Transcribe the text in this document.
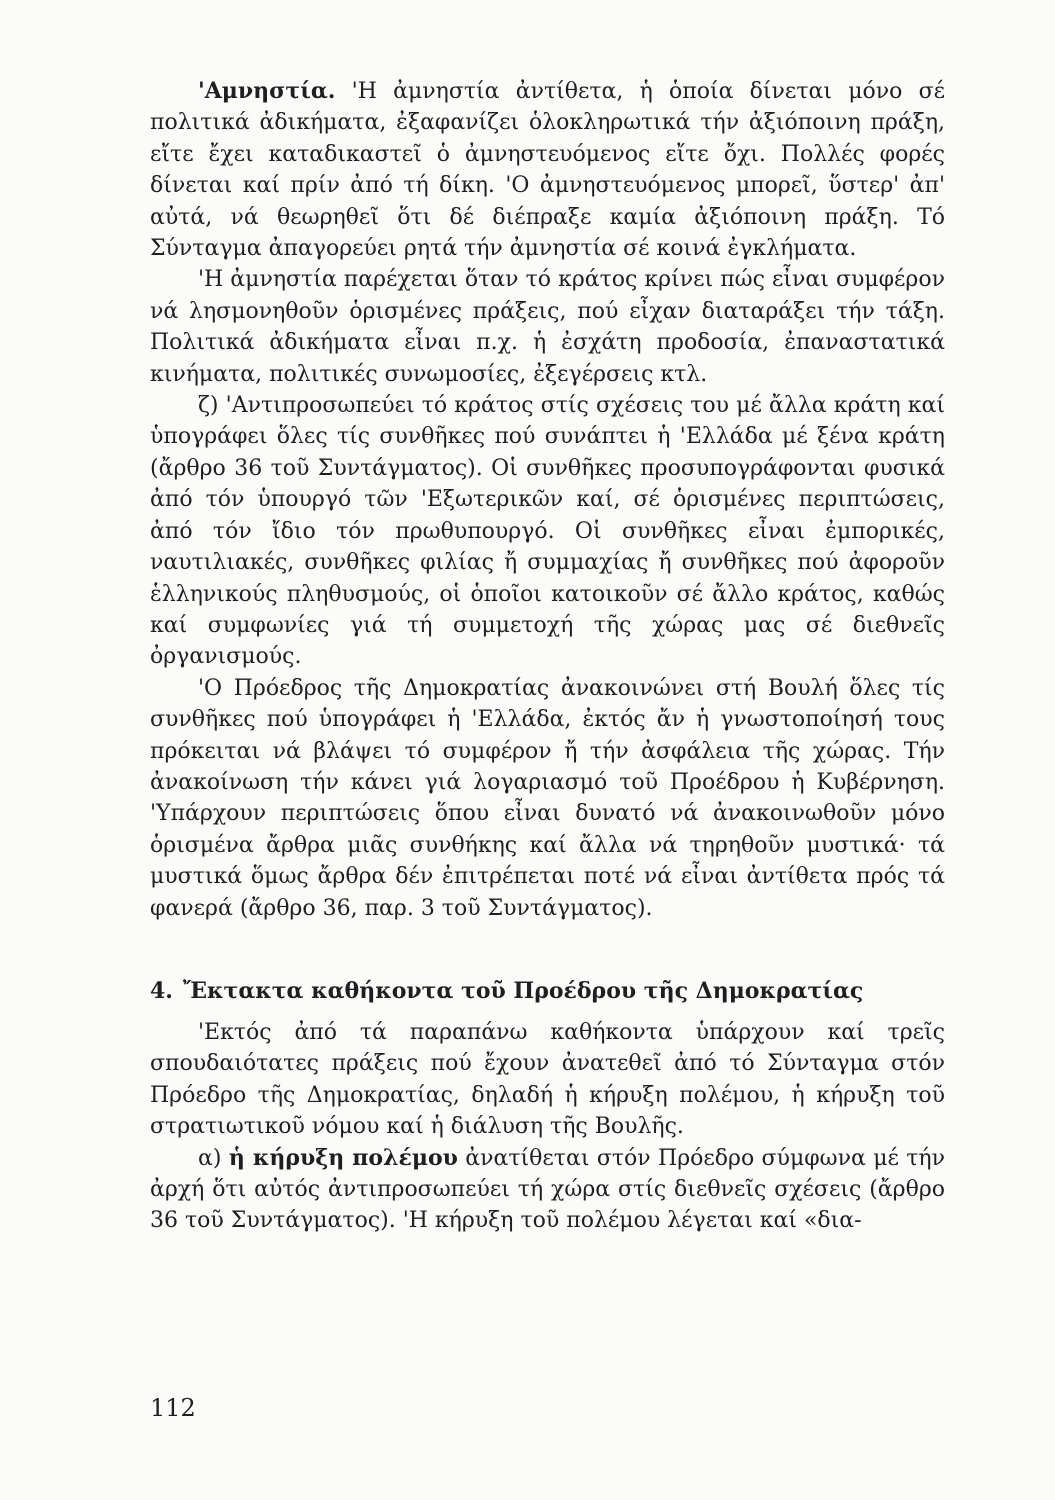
'Αμνηστία. 'Η ἀμνηστία ἀντίθετα, ἡ ὁποία δίνεται μόνο σέ πολιτικά ἀδικήματα, ἐξαφανίζει ὁλοκληρωτικά τήν ἀξιόποινη πράξη, εἴτε ἔχει καταδικαστεῖ ὁ ἀμνηστευόμενος εἴτε ὄχι. Πολλές φορές δίνεται καί πρίν ἀπό τή δίκη. 'Ο ἀμνηστευόμενος μπορεῖ, ὕστερ' ἀπ' αὐτά, νά θεωρηθεῖ ὅτι δέ διέπραξε καμία ἀξιόποινη πράξη. Τό Σύνταγμα ἀπαγορεύει ρητά τήν ἀμνηστία σέ κοινά ἐγκλήματα.

'Η ἀμνηστία παρέχεται ὅταν τό κράτος κρίνει πώς εἶναι συμφέρον νά λησμονηθοῦν ὁρισμένες πράξεις, πού εἶχαν διαταράξει τήν τάξη. Πολιτικά ἀδικήματα εἶναι π.χ. ἡ ἐσχάτη προδοσία, ἐπαναστατικά κινήματα, πολιτικές συνωμοσίες, ἐξεγέρσεις κτλ.

ζ) 'Αντιπροσωπεύει τό κράτος στίς σχέσεις του μέ ἄλλα κράτη καί ὑπογράφει ὅλες τίς συνθῆκες πού συνάπτει ἡ 'Ελλάδα μέ ξένα κράτη (ἄρθρο 36 τοῦ Συντάγματος). Οἱ συνθῆκες προσυπογράφονται φυσικά ἀπό τόν ὑπουργό τῶν 'Εξωτερικῶν καί, σέ ὁρισμένες περιπτώσεις, ἀπό τόν ἴδιο τόν πρωθυπουργό. Οἱ συνθῆκες εἶναι ἐμπορικές, ναυτιλιακές, συνθῆκες φιλίας ἤ συμμαχίας ἤ συνθῆκες πού ἀφοροῦν ἑλληνικούς πληθυσμούς, οἱ ὁποῖοι κατοικοῦν σέ ἄλλο κράτος, καθώς καί συμφωνίες γιά τή συμμετοχή τῆς χώρας μας σέ διεθνεῖς ὀργανισμούς.

'Ο Πρόεδρος τῆς Δημοκρατίας ἀνακοινώνει στή Βουλή ὅλες τίς συνθῆκες πού ὑπογράφει ἡ 'Ελλάδα, ἐκτός ἄν ἡ γνωστοποίησή τους πρόκειται νά βλάψει τό συμφέρον ἤ τήν ἀσφάλεια τῆς χώρας. Τήν ἀνακοίνωση τήν κάνει γιά λογαριασμό τοῦ Προέδρου ἡ Κυβέρνηση. 'Υπάρχουν περιπτώσεις ὅπου εἶναι δυνατό νά ἀνακοινωθοῦν μόνο ὁρισμένα ἄρθρα μιᾶς συνθήκης καί ἄλλα νά τηρηθοῦν μυστικά· τά μυστικά ὅμως ἄρθρα δέν ἐπιτρέπεται ποτέ νά εἶναι ἀντίθετα πρός τά φανερά (ἄρθρο 36, παρ. 3 τοῦ Συντάγματος).

4. Ἔκτακτα καθήκοντα τοῦ Προέδρου τῆς Δημοκρατίας

'Εκτός ἀπό τά παραπάνω καθήκοντα ὑπάρχουν καί τρεῖς σπουδαιότατες πράξεις πού ἔχουν ἀνατεθεῖ ἀπό τό Σύνταγμα στόν Πρόεδρο τῆς Δημοκρατίας, δηλαδή ἡ κήρυξη πολέμου, ἡ κήρυξη τοῦ στρατιωτικοῦ νόμου καί ἡ διάλυση τῆς Βουλῆς.

α) ἡ κήρυξη πολέμου ἀνατίθεται στόν Πρόεδρο σύμφωνα μέ τήν ἀρχή ὅτι αὐτός ἀντιπροσωπεύει τή χώρα στίς διεθνεῖς σχέσεις (ἄρθρο 36 τοῦ Συντάγματος). 'Η κήρυξη τοῦ πολέμου λέγεται καί «δια-

112
